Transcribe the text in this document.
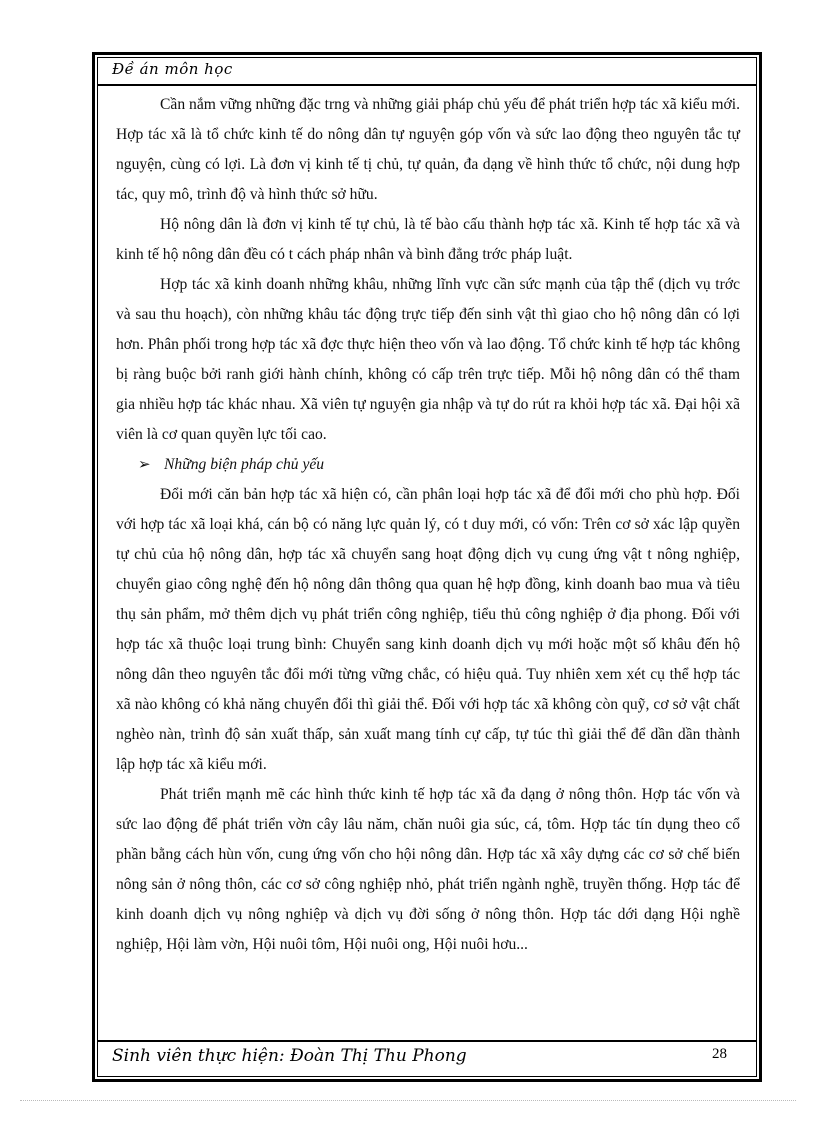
Đề án môn học

Cần nắm vững những đặc trng và những giải pháp chủ yếu để phát triển hợp tác xã kiểu mới. Hợp tác xã là tổ chức kinh tế do nông dân tự nguyện góp vốn và sức lao động theo nguyên tắc tự nguyện, cùng có lợi. Là đơn vị kinh tế tị chủ, tự quản, đa dạng về hình thức tổ chức, nội dung hợp tác, quy mô, trình độ và hình thức sở hữu.

Hộ nông dân là đơn vị kinh tế tự chủ, là tế bào cấu thành hợp tác xã. Kinh tế hợp tác xã và kinh tế hộ nông dân đều có t cách pháp nhân và bình đẳng trớc pháp luật.

Hợp tác xã kinh doanh những khâu, những lĩnh vực cần sức mạnh của tập thể (dịch vụ trớc và sau thu hoạch), còn những khâu tác động trực tiếp đến sinh vật thì giao cho hộ nông dân có lợi hơn. Phân phối trong hợp tác xã đợc thực hiện theo vốn và lao động. Tổ chức kinh tế hợp tác không bị ràng buộc bởi ranh giới hành chính, không có cấp trên trực tiếp. Mỗi hộ nông dân có thể tham gia nhiều hợp tác khác nhau. Xã viên tự nguyện gia nhập và tự do rút ra khỏi hợp tác xã. Đại hội xã viên là cơ quan quyền lực tối cao.

➢ Những biện pháp chủ yếu

Đổi mới căn bản hợp tác xã hiện có, cần phân loại hợp tác xã để đổi mới cho phù hợp. Đối với hợp tác xã loại khá, cán bộ có năng lực quản lý, có t duy mới, có vốn: Trên cơ sở xác lập quyền tự chủ của hộ nông dân, hợp tác xã chuyển sang hoạt động dịch vụ cung ứng vật t nông nghiệp, chuyển giao công nghệ đến hộ nông dân thông qua quan hệ hợp đồng, kinh doanh bao mua và tiêu thụ sản phẩm, mở thêm dịch vụ phát triển công nghiệp, tiểu thủ công nghiệp ở địa phong. Đối với hợp tác xã thuộc loại trung bình: Chuyển sang kinh doanh dịch vụ mới hoặc một số khâu đến hộ nông dân theo nguyên tắc đổi mới từng vững chắc, có hiệu quả. Tuy nhiên xem xét cụ thể hợp tác xã nào không có khả năng chuyển đổi thì giải thể. Đối với hợp tác xã không còn quỹ, cơ sở vật chất nghèo nàn, trình độ sản xuất thấp, sản xuất mang tính cự cấp, tự túc thì giải thể để dần dần thành lập hợp tác xã kiểu mới.

Phát triển mạnh mẽ các hình thức kinh tế hợp tác xã đa dạng ở nông thôn. Hợp tác vốn và sức lao động để phát triển vờn cây lâu năm, chăn nuôi gia súc, cá, tôm. Hợp tác tín dụng theo cổ phần bằng cách hùn vốn, cung ứng vốn cho hội nông dân. Hợp tác xã xây dựng các cơ sở chế biến nông sản ở nông thôn, các cơ sở công nghiệp nhỏ, phát triển ngành nghề, truyền thống. Hợp tác để kinh doanh dịch vụ nông nghiệp và dịch vụ đời sống ở nông thôn. Hợp tác dới dạng Hội nghề nghiệp, Hội làm vờn, Hội nuôi tôm, Hội nuôi ong, Hội nuôi hơu...

Sinh viên thực hiện: Đoàn Thị Thu Phong	28
